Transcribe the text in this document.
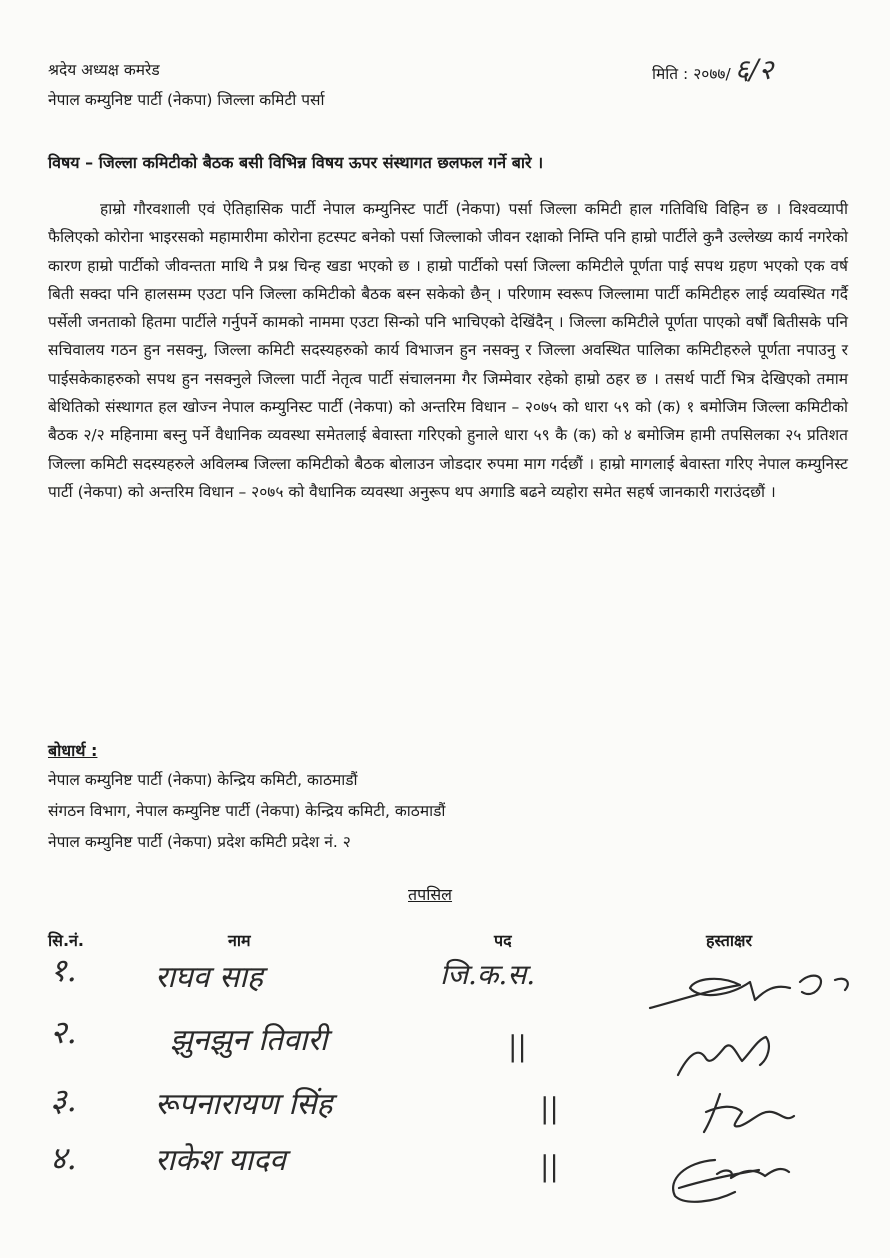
श्रदेय अध्यक्ष कमरेड
नेपाल कम्युनिष्ट पार्टी (नेकपा) जिल्ला कमिटी पर्सा
मिति : २०७७/ ६/२
विषय – जिल्ला कमिटीको बैठक बसी विभिन्न विषय ऊपर संस्थागत छलफल गर्ने बारे ।

हाम्रो गौरवशाली एवं ऐतिहासिक पार्टी नेपाल कम्युनिस्ट पार्टी (नेकपा) पर्सा जिल्ला कमिटी हाल गतिविधि विहिन छ । विश्वव्यापी फैलिएको कोरोना भाइरसको महामारीमा कोरोना हटस्पट बनेको पर्सा जिल्लाको जीवन रक्षाको निम्ति पनि हाम्रो पार्टीले कुनै उल्लेख्य कार्य नगरेको कारण हाम्रो पार्टीको जीवन्तता माथि नै प्रश्न चिन्ह खडा भएको छ । हाम्रो पार्टीको पर्सा जिल्ला कमिटीले पूर्णता पाई सपथ ग्रहण भएको एक वर्ष बिती सक्दा पनि हालसम्म एउटा पनि जिल्ला कमिटीको बैठक बस्न सकेको छैन् । परिणाम स्वरूप जिल्लामा पार्टी कमिटीहरु लाई व्यवस्थित गर्दै पर्सेली जनताको हितमा पार्टीले गर्नुपर्ने कामको नाममा एउटा सिन्को पनि भाचिएको देखिंदैन् । जिल्ला कमिटीले पूर्णता पाएको वर्षौं बितीसके पनि सचिवालय गठन हुन नसक्नु, जिल्ला कमिटी सदस्यहरुको कार्य विभाजन हुन नसक्नु र जिल्ला अवस्थित पालिका कमिटीहरुले पूर्णता नपाउनु र पाईसकेकाहरुको सपथ हुन नसक्नुले जिल्ला पार्टी नेतृत्व पार्टी संचालनमा गैर जिम्मेवार रहेको हाम्रो ठहर छ । तसर्थ पार्टी भित्र देखिएको तमाम बेथितिको संस्थागत हल खोज्न नेपाल कम्युनिस्ट पार्टी (नेकपा) को अन्तरिम विधान – २०७५ को धारा ५९ को (क) १ बमोजिम जिल्ला कमिटीको बैठक २/२ महिनामा बस्नु पर्ने वैधानिक व्यवस्था समेतलाई बेवास्ता गरिएको हुनाले धारा ५९ कै (क) को ४ बमोजिम हामी तपसिलका २५ प्रतिशत जिल्ला कमिटी सदस्यहरुले अविलम्ब जिल्ला कमिटीको बैठक बोलाउन जोडदार रुपमा माग गर्दछौं । हाम्रो मागलाई बेवास्ता गरिए नेपाल कम्युनिस्ट पार्टी (नेकपा) को अन्तरिम विधान – २०७५ को वैधानिक व्यवस्था अनुरूप थप अगाडि बढने व्यहोरा समेत सहर्ष जानकारी गराउंदछौं ।

बोधार्थ :
नेपाल कम्युनिष्ट पार्टी (नेकपा) केन्द्रिय कमिटी, काठमाडौं
संगठन विभाग, नेपाल कम्युनिष्ट पार्टी (नेकपा) केन्द्रिय कमिटी, काठमाडौं
नेपाल कम्युनिष्ट पार्टी (नेकपा) प्रदेश कमिटी प्रदेश नं. २
तपसिल
सि.नं.	नाम	पद	हस्ताक्षर
१.	राघव साह	जि.क.स.
२.	झुनझुन तिवारी	||
३.	रूपनारायण सिंह	||
४.	राकेश यादव	||
